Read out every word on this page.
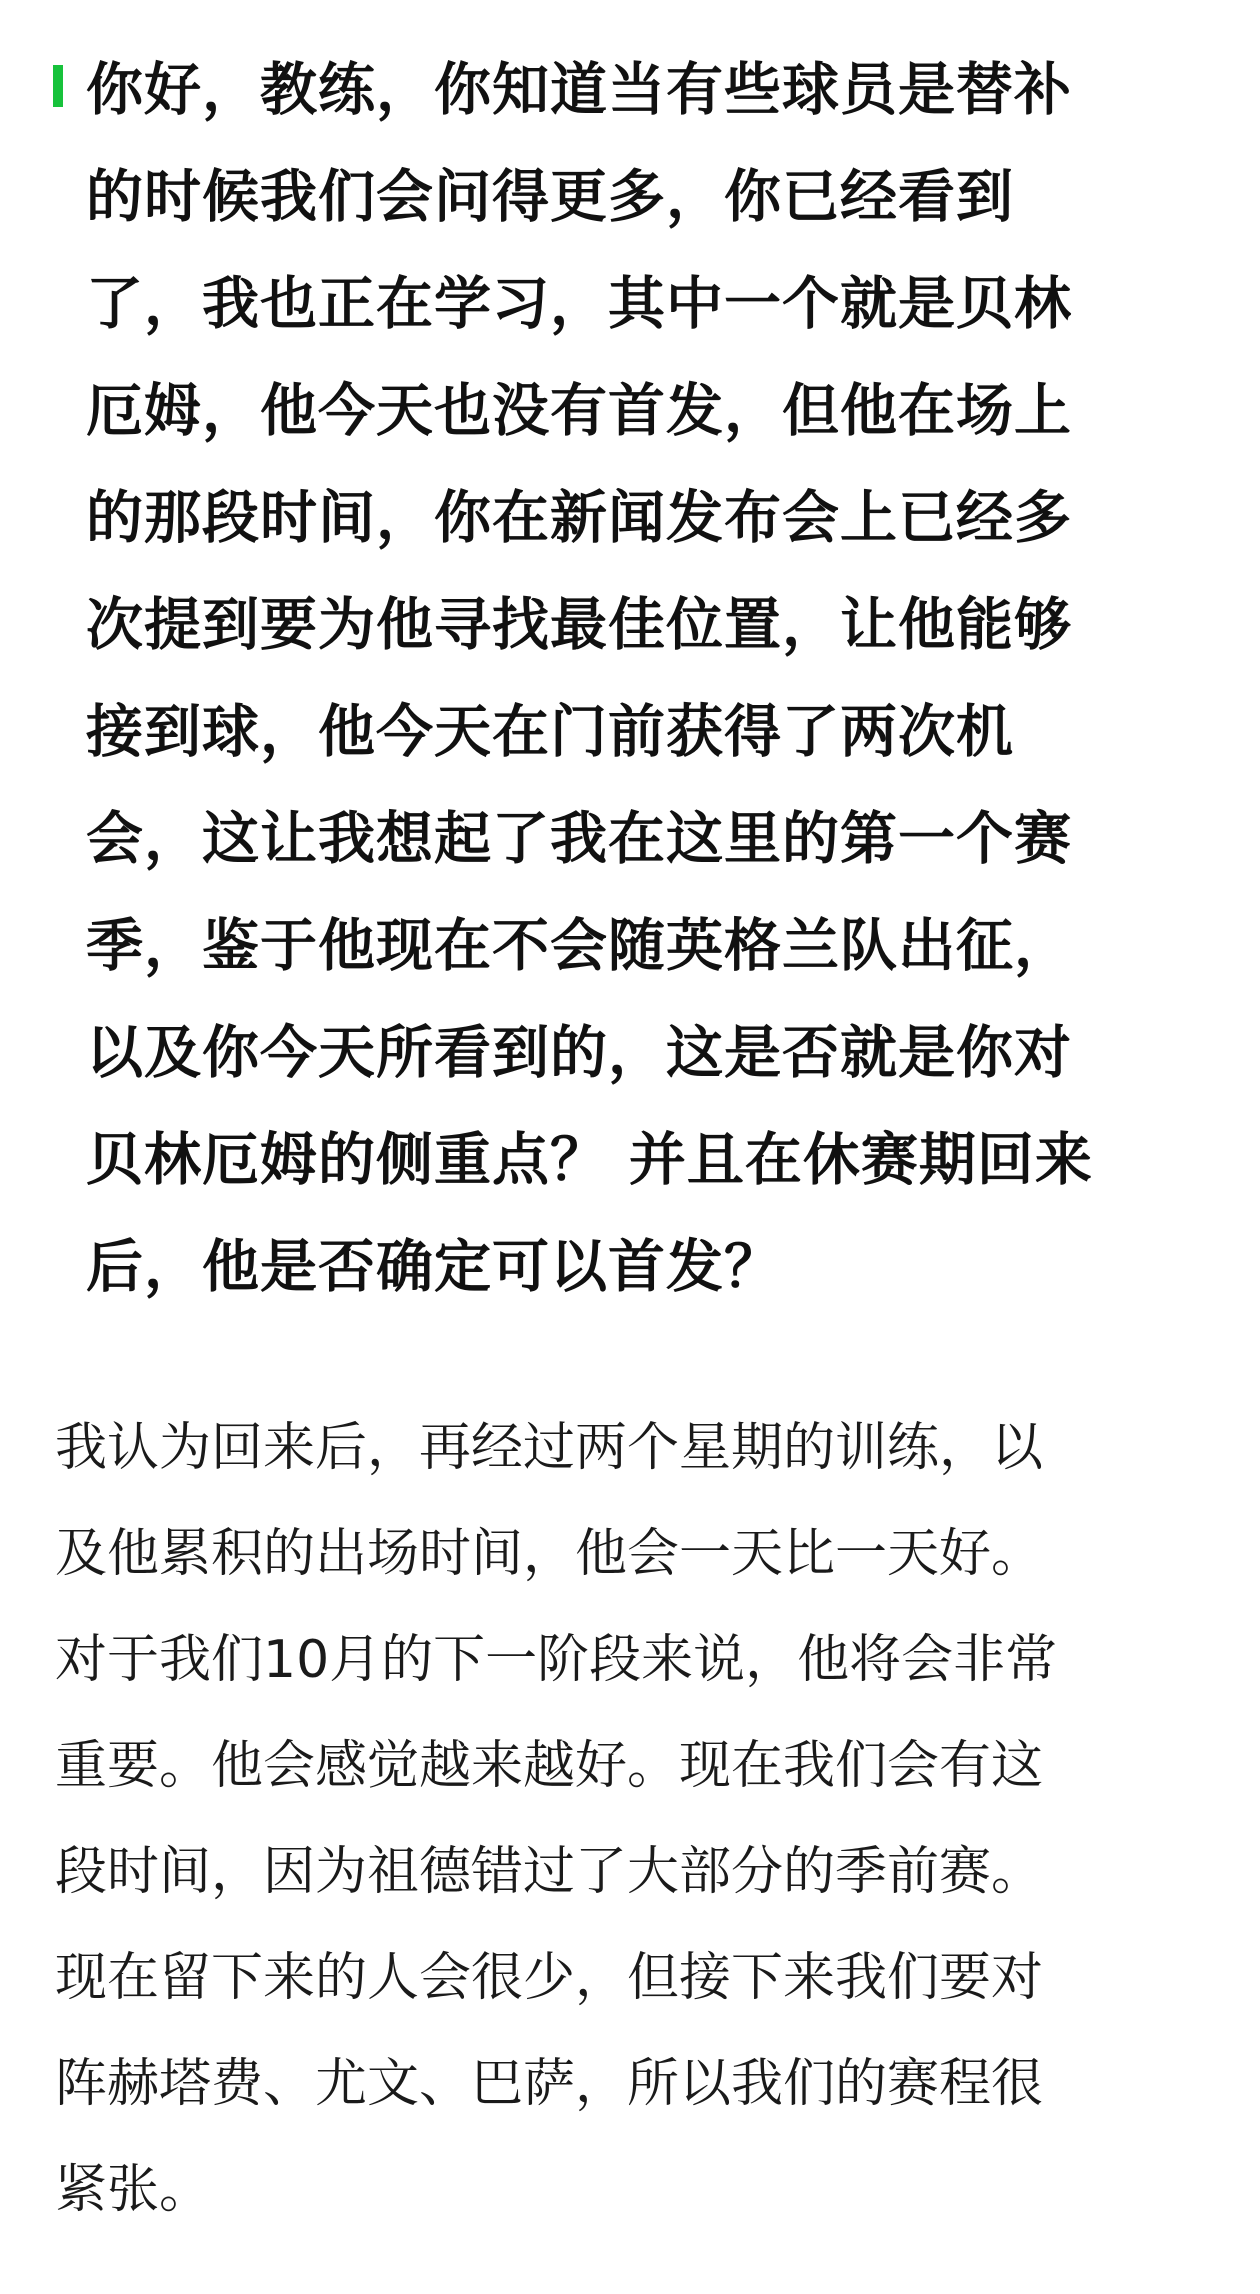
你好，教练，你知道当有些球员是替补
的时候我们会问得更多，你已经看到
了，我也正在学习，其中一个就是贝林
厄姆，他今天也没有首发，但他在场上
的那段时间，你在新闻发布会上已经多
次提到要为他寻找最佳位置，让他能够
接到球，他今天在门前获得了两次机
会，这让我想起了我在这里的第一个赛
季，鉴于他现在不会随英格兰队出征，
以及你今天所看到的，这是否就是你对
贝林厄姆的侧重点？ 并且在休赛期回来
后，他是否确定可以首发？
我认为回来后，再经过两个星期的训练，以
及他累积的出场时间，他会一天比一天好。
对于我们10月的下一阶段来说，他将会非常
重要。他会感觉越来越好。现在我们会有这
段时间，因为祖德错过了大部分的季前赛。
现在留下来的人会很少，但接下来我们要对
阵赫塔费、尤文、巴萨，所以我们的赛程很
紧张。
